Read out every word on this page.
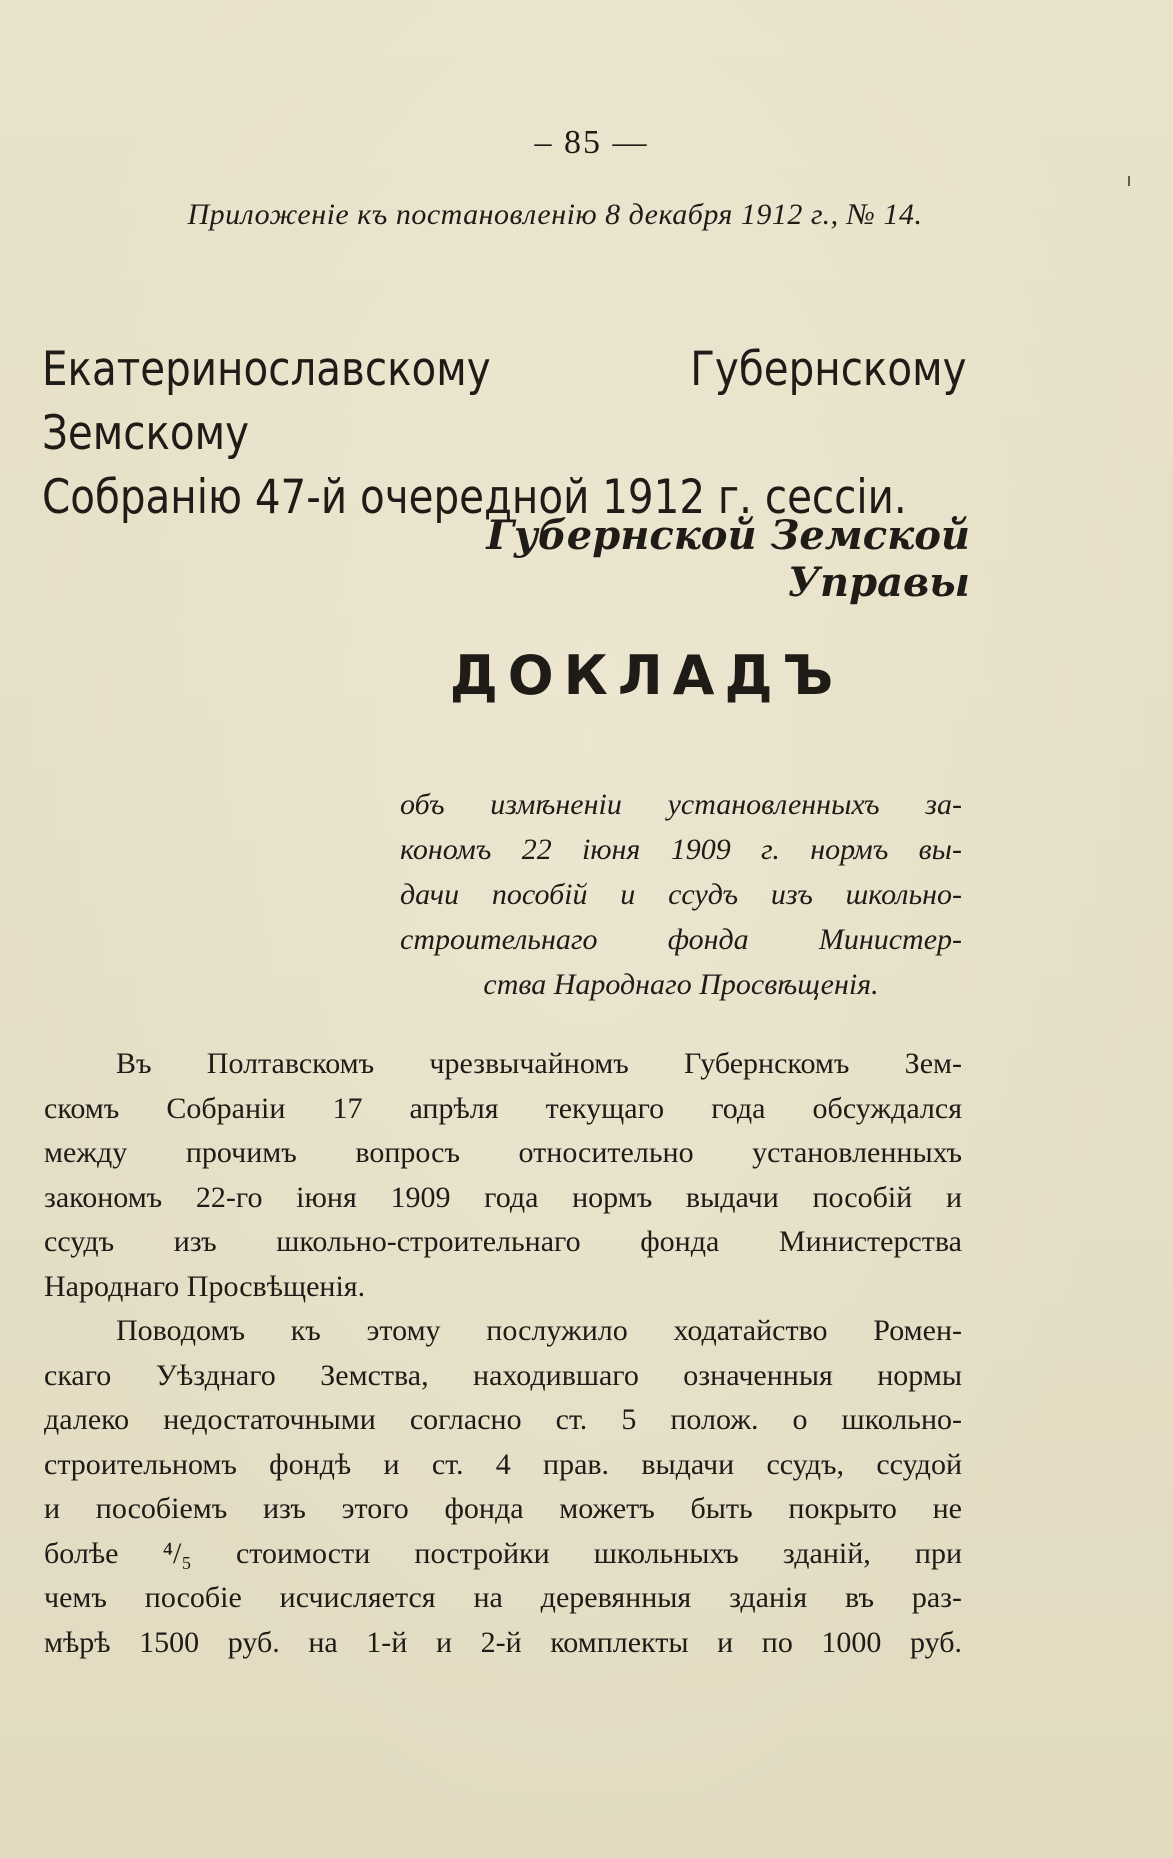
– 85 —
Приложеніе къ постановленію 8 декабря 1912 г., № 14.
Екатеринославскому Губернскому Земскому
Собранію 47-й очередной 1912 г. сессіи.
Губернской Земской Управы
ДОКЛАДЪ
объ измѣненіи установленныхъ за-
кономъ 22 іюня 1909 г. нормъ вы-
дачи пособій и ссудъ изъ школьно-
строительнаго фонда Министер-
ства Народнаго Просвѣщенія.
Въ Полтавскомъ чрезвычайномъ Губернскомъ Зем-
скомъ Собраніи 17 апрѣля текущаго года обсуждался
между прочимъ вопросъ относительно установленныхъ
закономъ 22-го іюня 1909 года нормъ выдачи пособій и
ссудъ изъ школьно-строительнаго фонда Министерства
Народнаго Просвѣщенія.
Поводомъ къ этому послужило ходатайство Ромен-
скаго Уѣзднаго Земства, находившаго означенныя нормы
далеко недостаточными согласно ст. 5 полож. о школьно-
строительномъ фондѣ и ст. 4 прав. выдачи ссудъ, ссудой
и пособіемъ изъ этого фонда можетъ быть покрыто не
болѣе ⁴/₅ стоимости постройки школьныхъ зданій, при
чемъ пособіе исчисляется на деревянныя зданія въ раз-
мѣрѣ 1500 руб. на 1-й и 2-й комплекты и по 1000 руб.
